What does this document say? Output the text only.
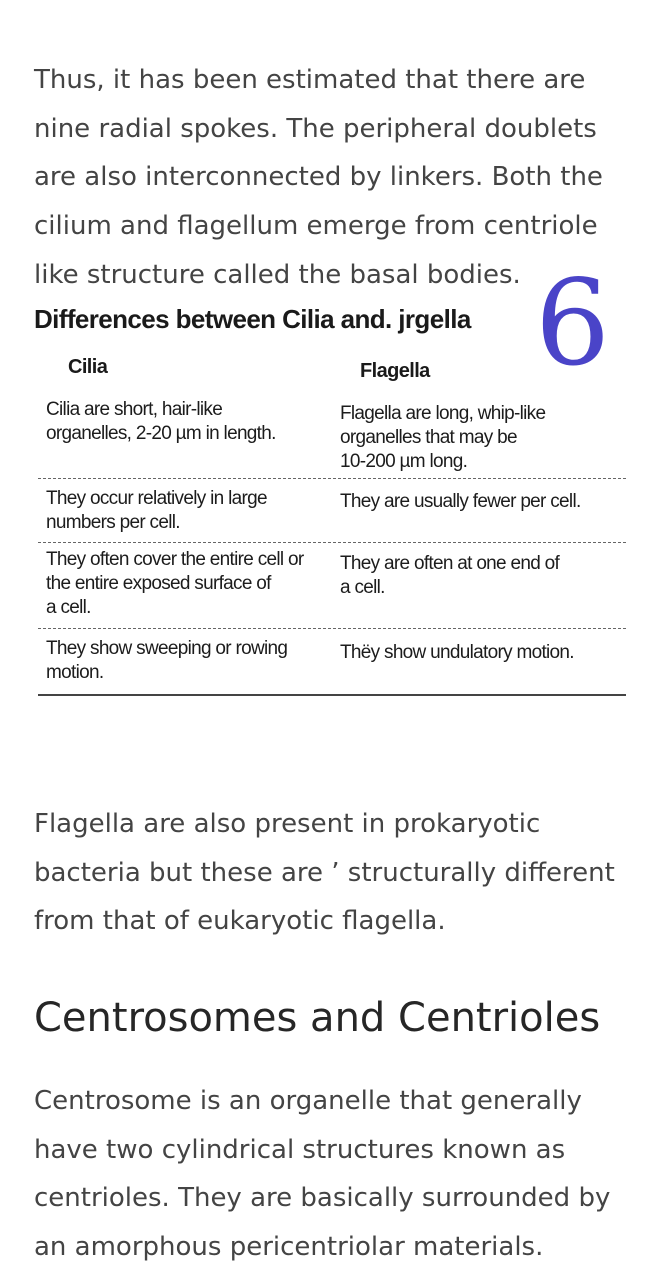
Thus, it has been estimated that there are nine radial spokes. The peripheral doublets are also interconnected by linkers. Both the cilium and flagellum emerge from centriole like structure called the basal bodies.

Differences between Cilia and. jrgella 6
Cilia	Flagella
Cilia are short, hair-like
organelles, 2-20 µm in length.
Flagella are long, whip-like
organelles that may be
10-200 µm long.
They occur relatively in large
numbers per cell.
They are usually fewer per cell.
They often cover the entire cell or
the entire exposed surface of
a cell.
They are often at one end of
a cell.
They show sweeping or rowing
motion.
Thëy show undulatory motion.

Flagella are also present in prokaryotic bacteria but these are ’ structurally different from that of eukaryotic flagella.

Centrosomes and Centrioles

Centrosome is an organelle that generally have two cylindrical structures known as centrioles. They are basically surrounded by an amorphous pericentriolar materials.
